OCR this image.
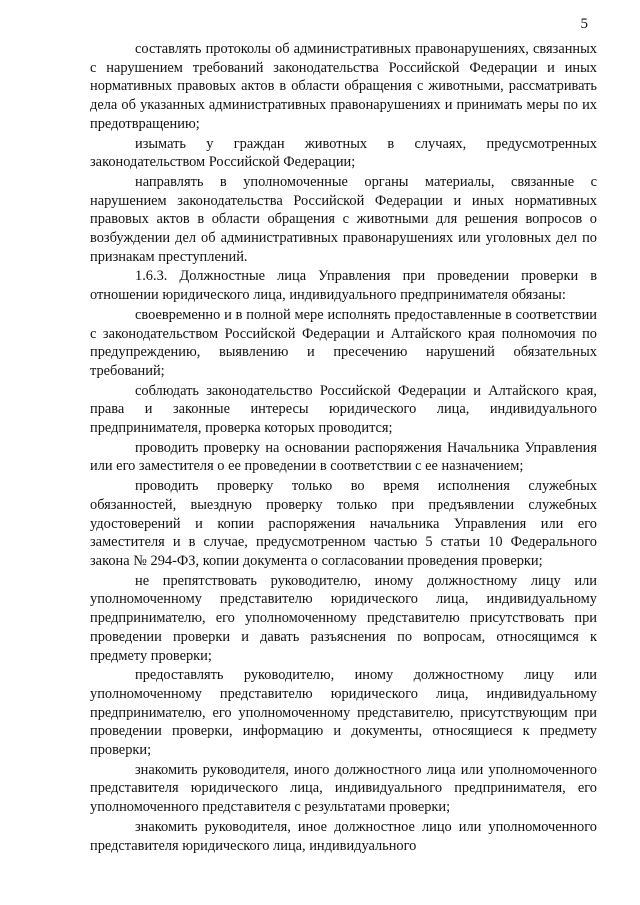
5

составлять протоколы об административных правонарушениях, связанных с нарушением требований законодательства Российской Федерации и иных нормативных правовых актов в области обращения с животными, рассматривать дела об указанных административных правонарушениях и принимать меры по их предотвращению;

изымать у граждан животных в случаях, предусмотренных законодательством Российской Федерации;

направлять в уполномоченные органы материалы, связанные с нарушением законодательства Российской Федерации и иных нормативных правовых актов в области обращения с животными для решения вопросов о возбуждении дел об административных правонарушениях или уголовных дел по признакам преступлений.

1.6.3. Должностные лица Управления при проведении проверки в отношении юридического лица, индивидуального предпринимателя обязаны:

своевременно и в полной мере исполнять предоставленные в соответствии с законодательством Российской Федерации и Алтайского края полномочия по предупреждению, выявлению и пресечению нарушений обязательных требований;

соблюдать законодательство Российской Федерации и Алтайского края, права и законные интересы юридического лица, индивидуального предпринимателя, проверка которых проводится;

проводить проверку на основании распоряжения Начальника Управления или его заместителя о ее проведении в соответствии с ее назначением;

проводить проверку только во время исполнения служебных обязанностей, выездную проверку только при предъявлении служебных удостоверений и копии распоряжения начальника Управления или его заместителя и в случае, предусмотренном частью 5 статьи 10 Федерального закона № 294-ФЗ, копии документа о согласовании проведения проверки;

не препятствовать руководителю, иному должностному лицу или уполномоченному представителю юридического лица, индивидуальному предпринимателю, его уполномоченному представителю присутствовать при проведении проверки и давать разъяснения по вопросам, относящимся к предмету проверки;

предоставлять руководителю, иному должностному лицу или уполномоченному представителю юридического лица, индивидуальному предпринимателю, его уполномоченному представителю, присутствующим при проведении проверки, информацию и документы, относящиеся к предмету проверки;

знакомить руководителя, иного должностного лица или уполномоченного представителя юридического лица, индивидуального предпринимателя, его уполномоченного представителя с результатами проверки;

знакомить руководителя, иное должностное лицо или уполномоченного представителя юридического лица, индивидуального
